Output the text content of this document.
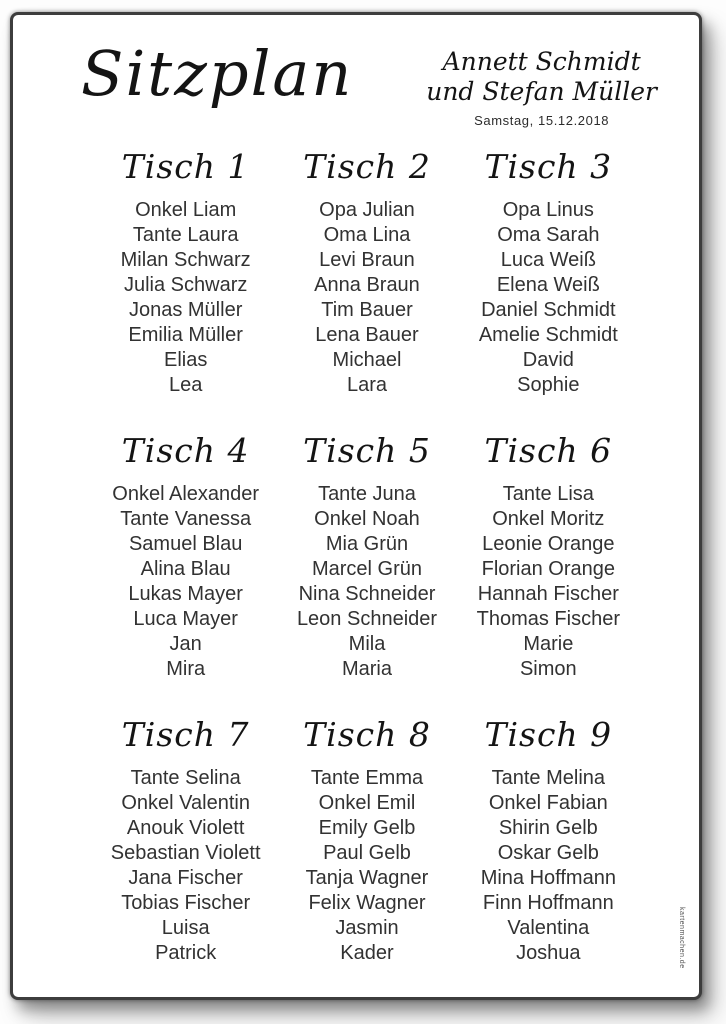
Sitzplan	Annett Schmidt
und Stefan Müller
Samstag, 15.12.2018
Tisch 1
Onkel Liam
Tante Laura
Milan Schwarz
Julia Schwarz
Jonas Müller
Emilia Müller
Elias
Lea
Tisch 2
Opa Julian
Oma Lina
Levi Braun
Anna Braun
Tim Bauer
Lena Bauer
Michael
Lara
Tisch 3
Opa Linus
Oma Sarah
Luca Weiß
Elena Weiß
Daniel Schmidt
Amelie Schmidt
David
Sophie
Tisch 4
Onkel Alexander
Tante Vanessa
Samuel Blau
Alina Blau
Lukas Mayer
Luca Mayer
Jan
Mira
Tisch 5
Tante Juna
Onkel Noah
Mia Grün
Marcel Grün
Nina Schneider
Leon Schneider
Mila
Maria
Tisch 6
Tante Lisa
Onkel Moritz
Leonie Orange
Florian Orange
Hannah Fischer
Thomas Fischer
Marie
Simon
Tisch 7
Tante Selina
Onkel Valentin
Anouk Violett
Sebastian Violett
Jana Fischer
Tobias Fischer
Luisa
Patrick
Tisch 8
Tante Emma
Onkel Emil
Emily Gelb
Paul Gelb
Tanja Wagner
Felix Wagner
Jasmin
Kader
Tisch 9
Tante Melina
Onkel Fabian
Shirin Gelb
Oskar Gelb
Mina Hoffmann
Finn Hoffmann
Valentina
Joshua	kartenmachen.de
